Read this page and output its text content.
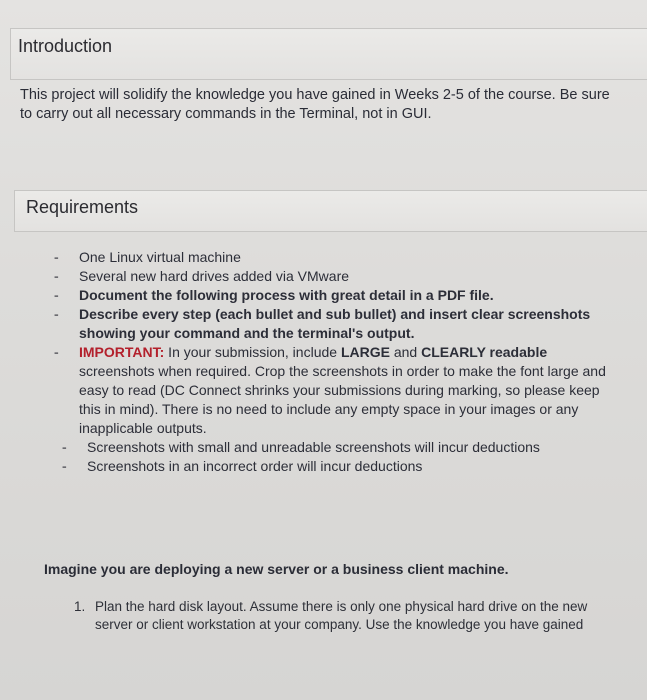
Introduction
This project will solidify the knowledge you have gained in Weeks 2-5 of the course. Be sure
to carry out all necessary commands in the Terminal, not in GUI.
Requirements
- One Linux virtual machine
- Several new hard drives added via VMware
- Document the following process with great detail in a PDF file.
- Describe every step (each bullet and sub bullet) and insert clear screenshots
showing your command and the terminal's output.
- IMPORTANT: In your submission, include LARGE and CLEARLY readable
screenshots when required. Crop the screenshots in order to make the font large and
easy to read (DC Connect shrinks your submissions during marking, so please keep
this in mind). There is no need to include any empty space in your images or any
inapplicable outputs.
- Screenshots with small and unreadable screenshots will incur deductions
- Screenshots in an incorrect order will incur deductions
Imagine you are deploying a new server or a business client machine.
1. Plan the hard disk layout. Assume there is only one physical hard drive on the new
server or client workstation at your company. Use the knowledge you have gained
